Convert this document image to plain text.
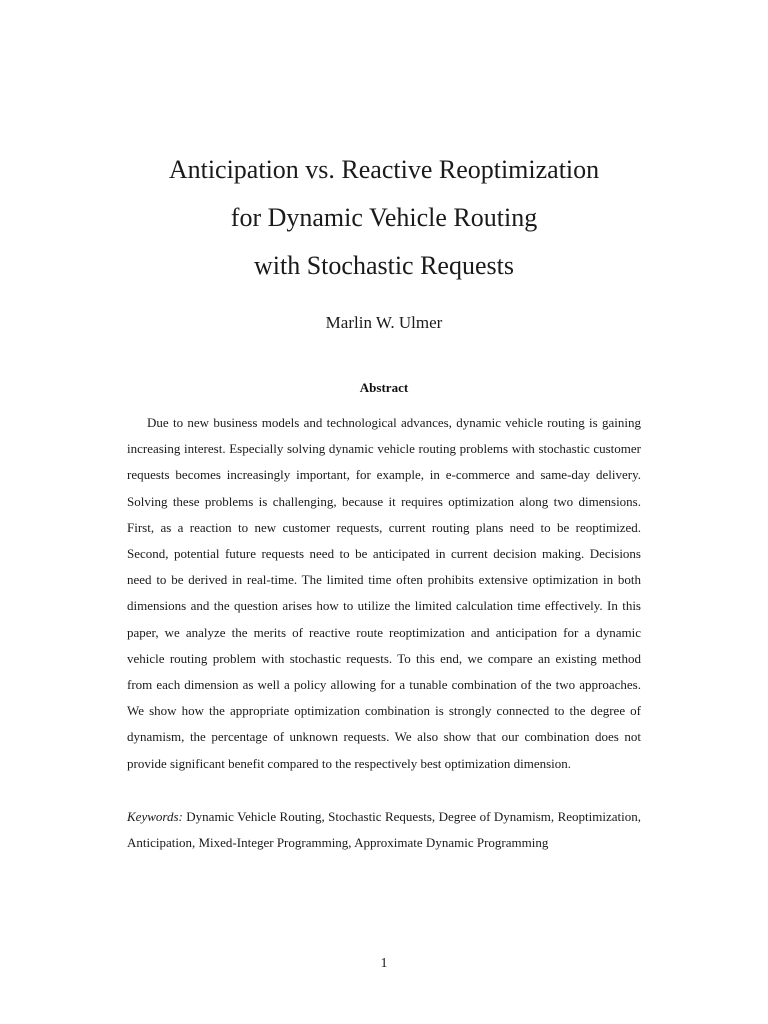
Anticipation vs. Reactive Reoptimization
for Dynamic Vehicle Routing
with Stochastic Requests
Marlin W. Ulmer
Abstract

Due to new business models and technological advances, dynamic vehicle routing is gaining increasing interest. Especially solving dynamic vehicle routing problems with stochastic customer requests becomes increasingly important, for example, in e-commerce and same-day delivery. Solving these problems is challenging, because it requires optimization along two dimensions. First, as a reaction to new customer requests, current routing plans need to be reoptimized. Second, potential future requests need to be anticipated in current decision making. Decisions need to be derived in real-time. The limited time often prohibits extensive optimization in both dimensions and the question arises how to utilize the limited calculation time effectively. In this paper, we analyze the merits of reactive route reoptimization and anticipation for a dynamic vehicle routing problem with stochastic requests. To this end, we compare an existing method from each dimension as well a policy allowing for a tunable combination of the two approaches. We show how the appropriate optimization combination is strongly connected to the degree of dynamism, the percentage of unknown requests. We also show that our combination does not provide significant benefit compared to the respectively best optimization dimension.

Keywords: Dynamic Vehicle Routing, Stochastic Requests, Degree of Dynamism, Reoptimization, Anticipation, Mixed-Integer Programming, Approximate Dynamic Programming
1
